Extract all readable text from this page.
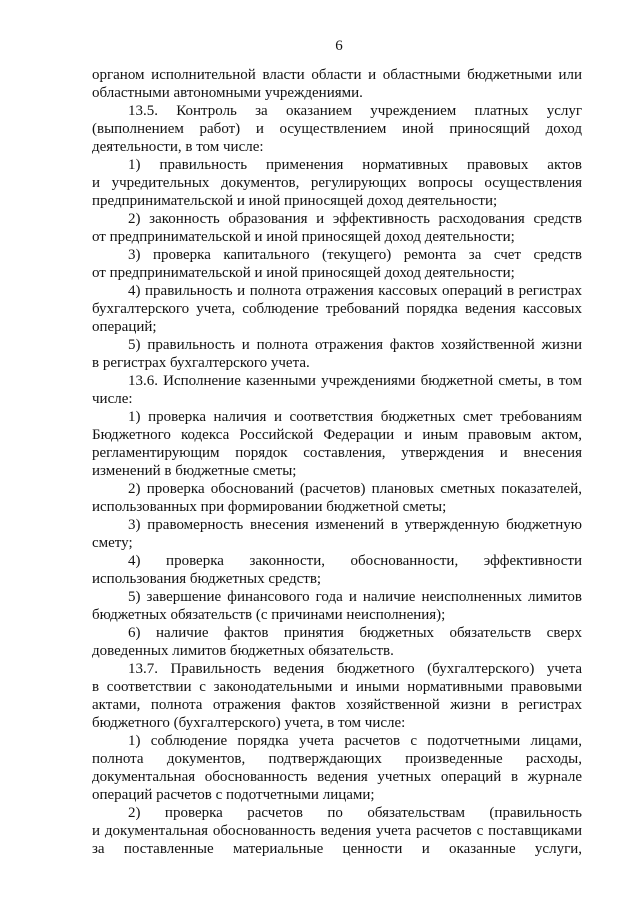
6
органом исполнительной власти области и областными бюджетными или
областными автономными учреждениями.
13.5. Контроль за оказанием учреждением платных услуг
(выполнением работ) и осуществлением иной приносящий доход
деятельности, в том числе:
1) правильность применения нормативных правовых актов
и учредительных документов, регулирующих вопросы осуществления
предпринимательской и иной приносящей доход деятельности;
2) законность образования и эффективность расходования средств
от предпринимательской и иной приносящей доход деятельности;
3) проверка капитального (текущего) ремонта за счет средств
от предпринимательской и иной приносящей доход деятельности;
4) правильность и полнота отражения кассовых операций в регистрах
бухгалтерского учета, соблюдение требований порядка ведения кассовых
операций;
5) правильность и полнота отражения фактов хозяйственной жизни
в регистрах бухгалтерского учета.
13.6. Исполнение казенными учреждениями бюджетной сметы, в том
числе:
1) проверка наличия и соответствия бюджетных смет требованиям
Бюджетного кодекса Российской Федерации и иным правовым актом,
регламентирующим порядок составления, утверждения и внесения
изменений в бюджетные сметы;
2) проверка обоснований (расчетов) плановых сметных показателей,
использованных при формировании бюджетной сметы;
3) правомерность внесения изменений в утвержденную бюджетную
смету;
4) проверка законности, обоснованности, эффективности
использования бюджетных средств;
5) завершение финансового года и наличие неисполненных лимитов
бюджетных обязательств (с причинами неисполнения);
6) наличие фактов принятия бюджетных обязательств сверх
доведенных лимитов бюджетных обязательств.
13.7. Правильность ведения бюджетного (бухгалтерского) учета
в соответствии с законодательными и иными нормативными правовыми
актами, полнота отражения фактов хозяйственной жизни в регистрах
бюджетного (бухгалтерского) учета, в том числе:
1) соблюдение порядка учета расчетов с подотчетными лицами,
полнота документов, подтверждающих произведенные расходы,
документальная обоснованность ведения учетных операций в журнале
операций расчетов с подотчетными лицами;
2) проверка расчетов по обязательствам (правильность
и документальная обоснованность ведения учета расчетов с поставщиками
за поставленные материальные ценности и оказанные услуги,
